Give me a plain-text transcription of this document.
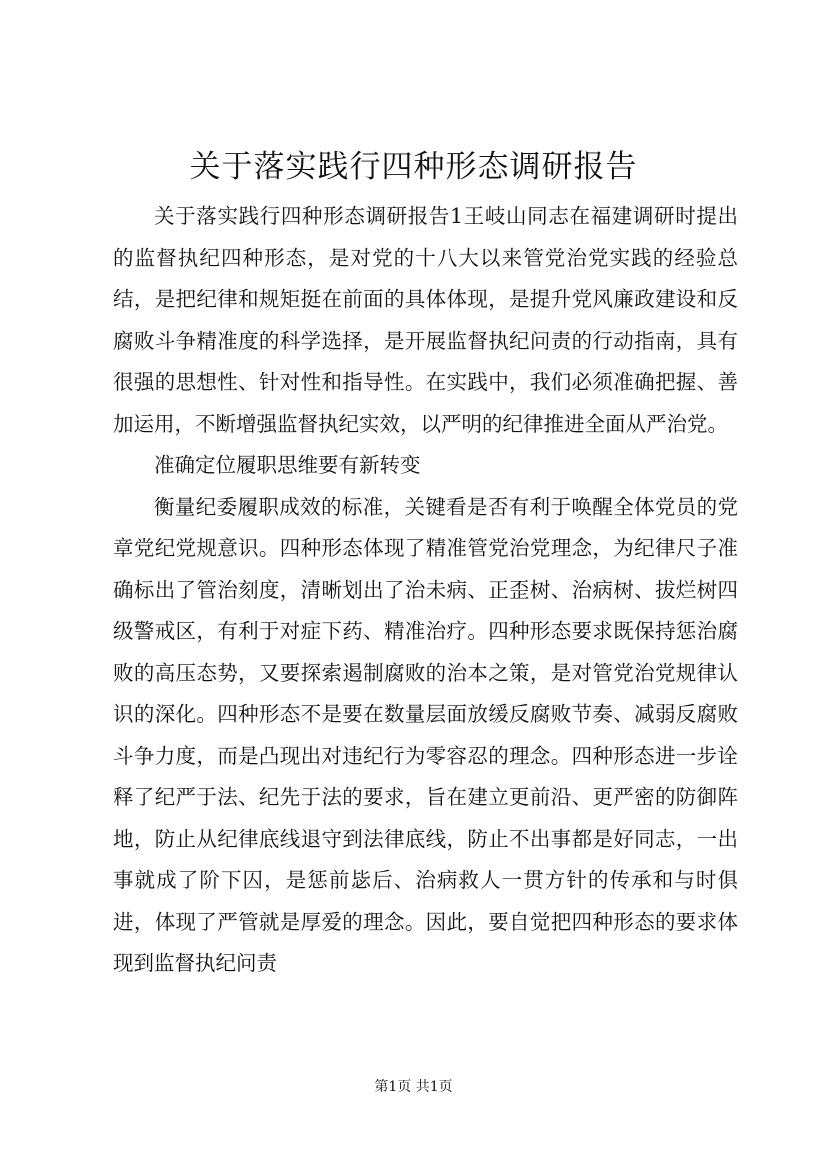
关于落实践行四种形态调研报告

关于落实践行四种形态调研报告1王岐山同志在福建调研时提出的监督执纪四种形态，是对党的十八大以来管党治党实践的经验总结，是把纪律和规矩挺在前面的具体体现，是提升党风廉政建设和反腐败斗争精准度的科学选择，是开展监督执纪问责的行动指南，具有很强的思想性、针对性和指导性。在实践中，我们必须准确把握、善加运用，不断增强监督执纪实效，以严明的纪律推进全面从严治党。

准确定位履职思维要有新转变

衡量纪委履职成效的标准，关键看是否有利于唤醒全体党员的党章党纪党规意识。四种形态体现了精准管党治党理念，为纪律尺子准确标出了管治刻度，清晰划出了治未病、正歪树、治病树、拔烂树四级警戒区，有利于对症下药、精准治疗。四种形态要求既保持惩治腐败的高压态势，又要探索遏制腐败的治本之策，是对管党治党规律认识的深化。四种形态不是要在数量层面放缓反腐败节奏、减弱反腐败斗争力度，而是凸现出对违纪行为零容忍的理念。四种形态进一步诠释了纪严于法、纪先于法的要求，旨在建立更前沿、更严密的防御阵地，防止从纪律底线退守到法律底线，防止不出事都是好同志，一出事就成了阶下囚，是惩前毖后、治病救人一贯方针的传承和与时俱进，体现了严管就是厚爱的理念。因此，要自觉把四种形态的要求体现到监督执纪问责

第1页 共1页
